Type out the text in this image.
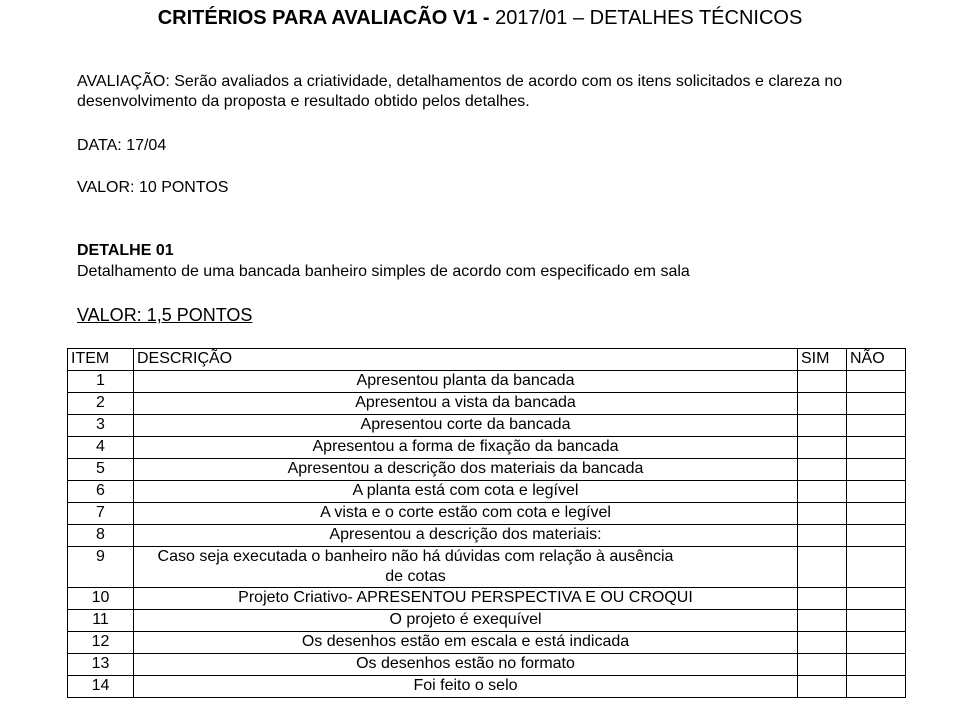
CRITÉRIOS PARA AVALIACÃO V1 - 2017/01 – DETALHES TÉCNICOS
AVALIAÇÃO: Serão avaliados a criatividade, detalhamentos de acordo com os itens solicitados e clareza no desenvolvimento da proposta e resultado obtido pelos detalhes.
DATA: 17/04
VALOR: 10 PONTOS
DETALHE 01
Detalhamento de uma bancada banheiro simples de acordo com especificado em sala
VALOR: 1,5 PONTOS
ITEM	DESCRIÇÃO	SIM	NÃO
1	Apresentou planta da bancada		
2	Apresentou a vista da bancada		
3	Apresentou corte da bancada		
4	Apresentou a forma de fixação da bancada		
5	Apresentou a descrição dos materiais da bancada		
6	A planta está com cota e legível		
7	A vista e o corte estão com cota e legível		
8	Apresentou a descrição dos materiais:		
9	Caso seja executada o banheiro não há dúvidas com relação à ausência de cotas		
10	Projeto Criativo- APRESENTOU PERSPECTIVA E OU CROQUI		
11	O projeto é exequível		
12	Os desenhos estão em escala e está indicada		
13	Os desenhos estão no formato		
14	Foi feito o selo		
